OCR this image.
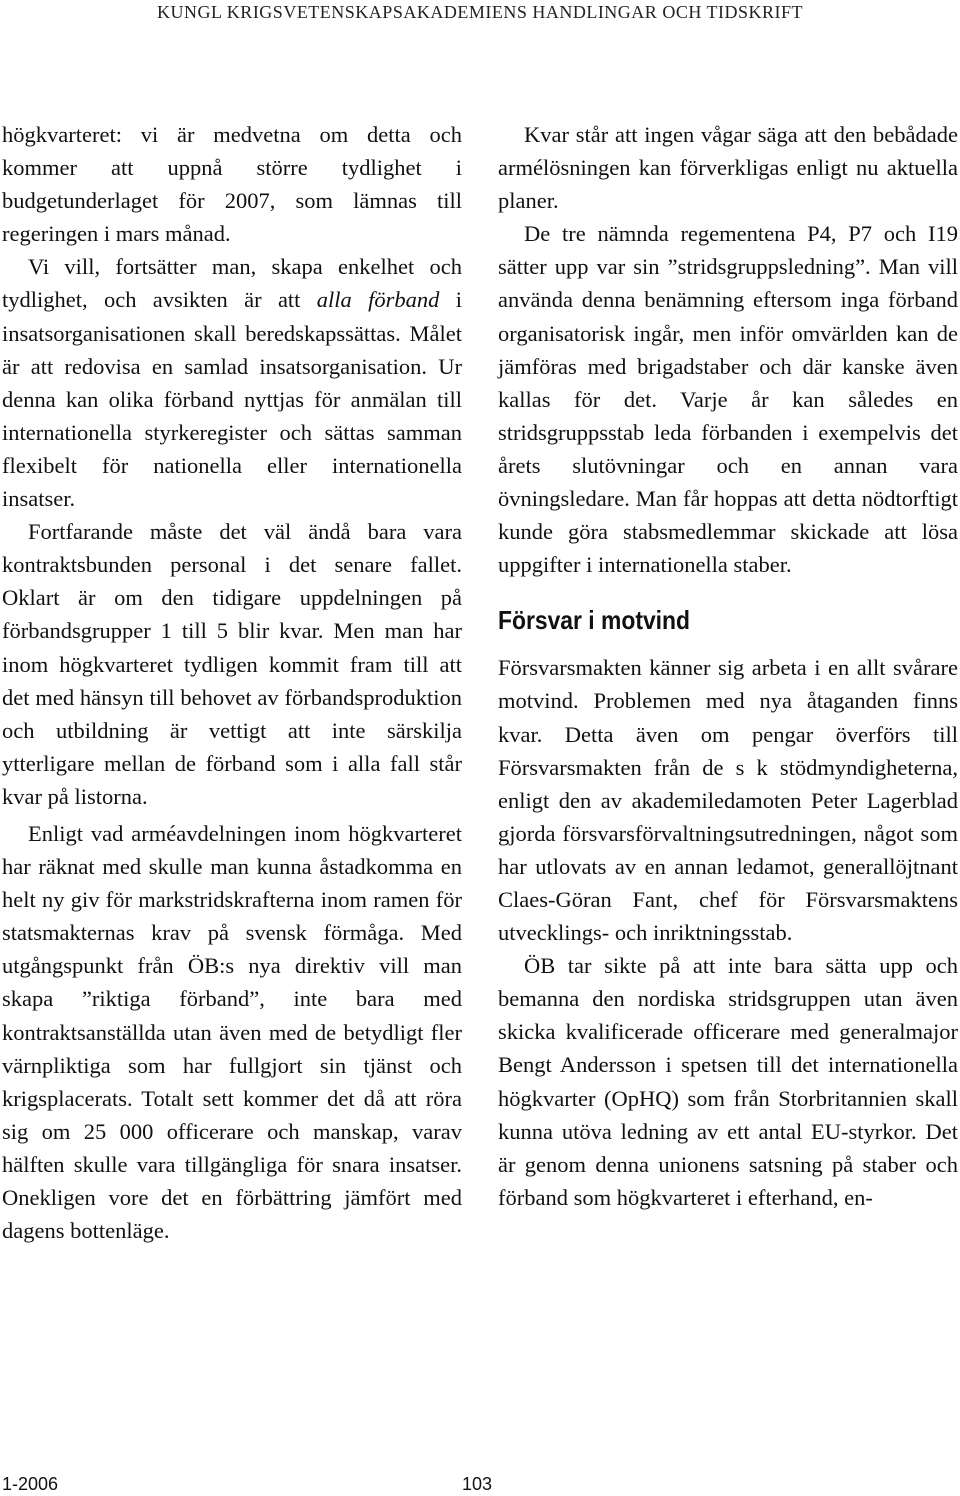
KUNGL KRIGSVETENSKAPSAKADEMIENS HANDLINGAR OCH TIDSKRIFT

högkvarteret: vi är medvetna om detta och kommer att uppnå större tydlighet i budgetunderlaget för 2007, som lämnas till regeringen i mars månad.

Vi vill, fortsätter man, skapa enkelhet och tydlighet, och avsikten är att alla förband i insatsorganisationen skall beredskapssättas. Målet är att redovisa en samlad insatsorganisation. Ur denna kan olika förband nyttjas för anmälan till internationella styrkeregister och sättas samman flexibelt för nationella eller internationella insatser.

Fortfarande måste det väl ändå bara vara kontraktsbunden personal i det senare fallet. Oklart är om den tidigare uppdelningen på förbandsgrupper 1 till 5 blir kvar. Men man har inom högkvarteret tydligen kommit fram till att det med hänsyn till behovet av förbandsproduktion och utbildning är vettigt att inte särskilja ytterligare mellan de förband som i alla fall står kvar på listorna.

Enligt vad arméavdelningen inom högkvarteret har räknat med skulle man kunna åstadkomma en helt ny giv för markstridskrafterna inom ramen för statsmakternas krav på svensk förmåga. Med utgångspunkt från ÖB:s nya direktiv vill man skapa ”riktiga förband”, inte bara med kontraktsanställda utan även med de betydligt fler värnpliktiga som har fullgjort sin tjänst och krigsplacerats. Totalt sett kommer det då att röra sig om 25 000 officerare och manskap, varav hälften skulle vara tillgängliga för snara insatser. Onekligen vore det en förbättring jämfört med dagens bottenläge.

Kvar står att ingen vågar säga att den bebådade armélösningen kan förverkligas enligt nu aktuella planer.

De tre nämnda regementena P4, P7 och I19 sätter upp var sin ”stridsgruppsledning”. Man vill använda denna benämning eftersom inga förband organisatorisk ingår, men inför omvärlden kan de jämföras med brigadstaber och där kanske även kallas för det. Varje år kan således en stridsgruppsstab leda förbanden i exempelvis det årets slutövningar och en annan vara övningsledare. Man får hoppas att detta nödtorftigt kunde göra stabsmedlemmar skickade att lösa uppgifter i internationella staber.

Försvar i motvind

Försvarsmakten känner sig arbeta i en allt svårare motvind. Problemen med nya åtaganden finns kvar. Detta även om pengar överförs till Försvarsmakten från de s k stödmyndigheterna, enligt den av akademiledamoten Peter Lagerblad gjorda försvarsförvaltningsutredningen, något som har utlovats av en annan ledamot, generallöjtnant Claes-Göran Fant, chef för Försvarsmaktens utvecklings- och inriktningsstab.

ÖB tar sikte på att inte bara sätta upp och bemanna den nordiska stridsgruppen utan även skicka kvalificerade officerare med generalmajor Bengt Andersson i spetsen till det internationella högkvarter (OpHQ) som från Storbritannien skall kunna utöva ledning av ett antal EU-styrkor. Det är genom denna unionens satsning på staber och förband som högkvarteret i efterhand, en-

1-2006	103
